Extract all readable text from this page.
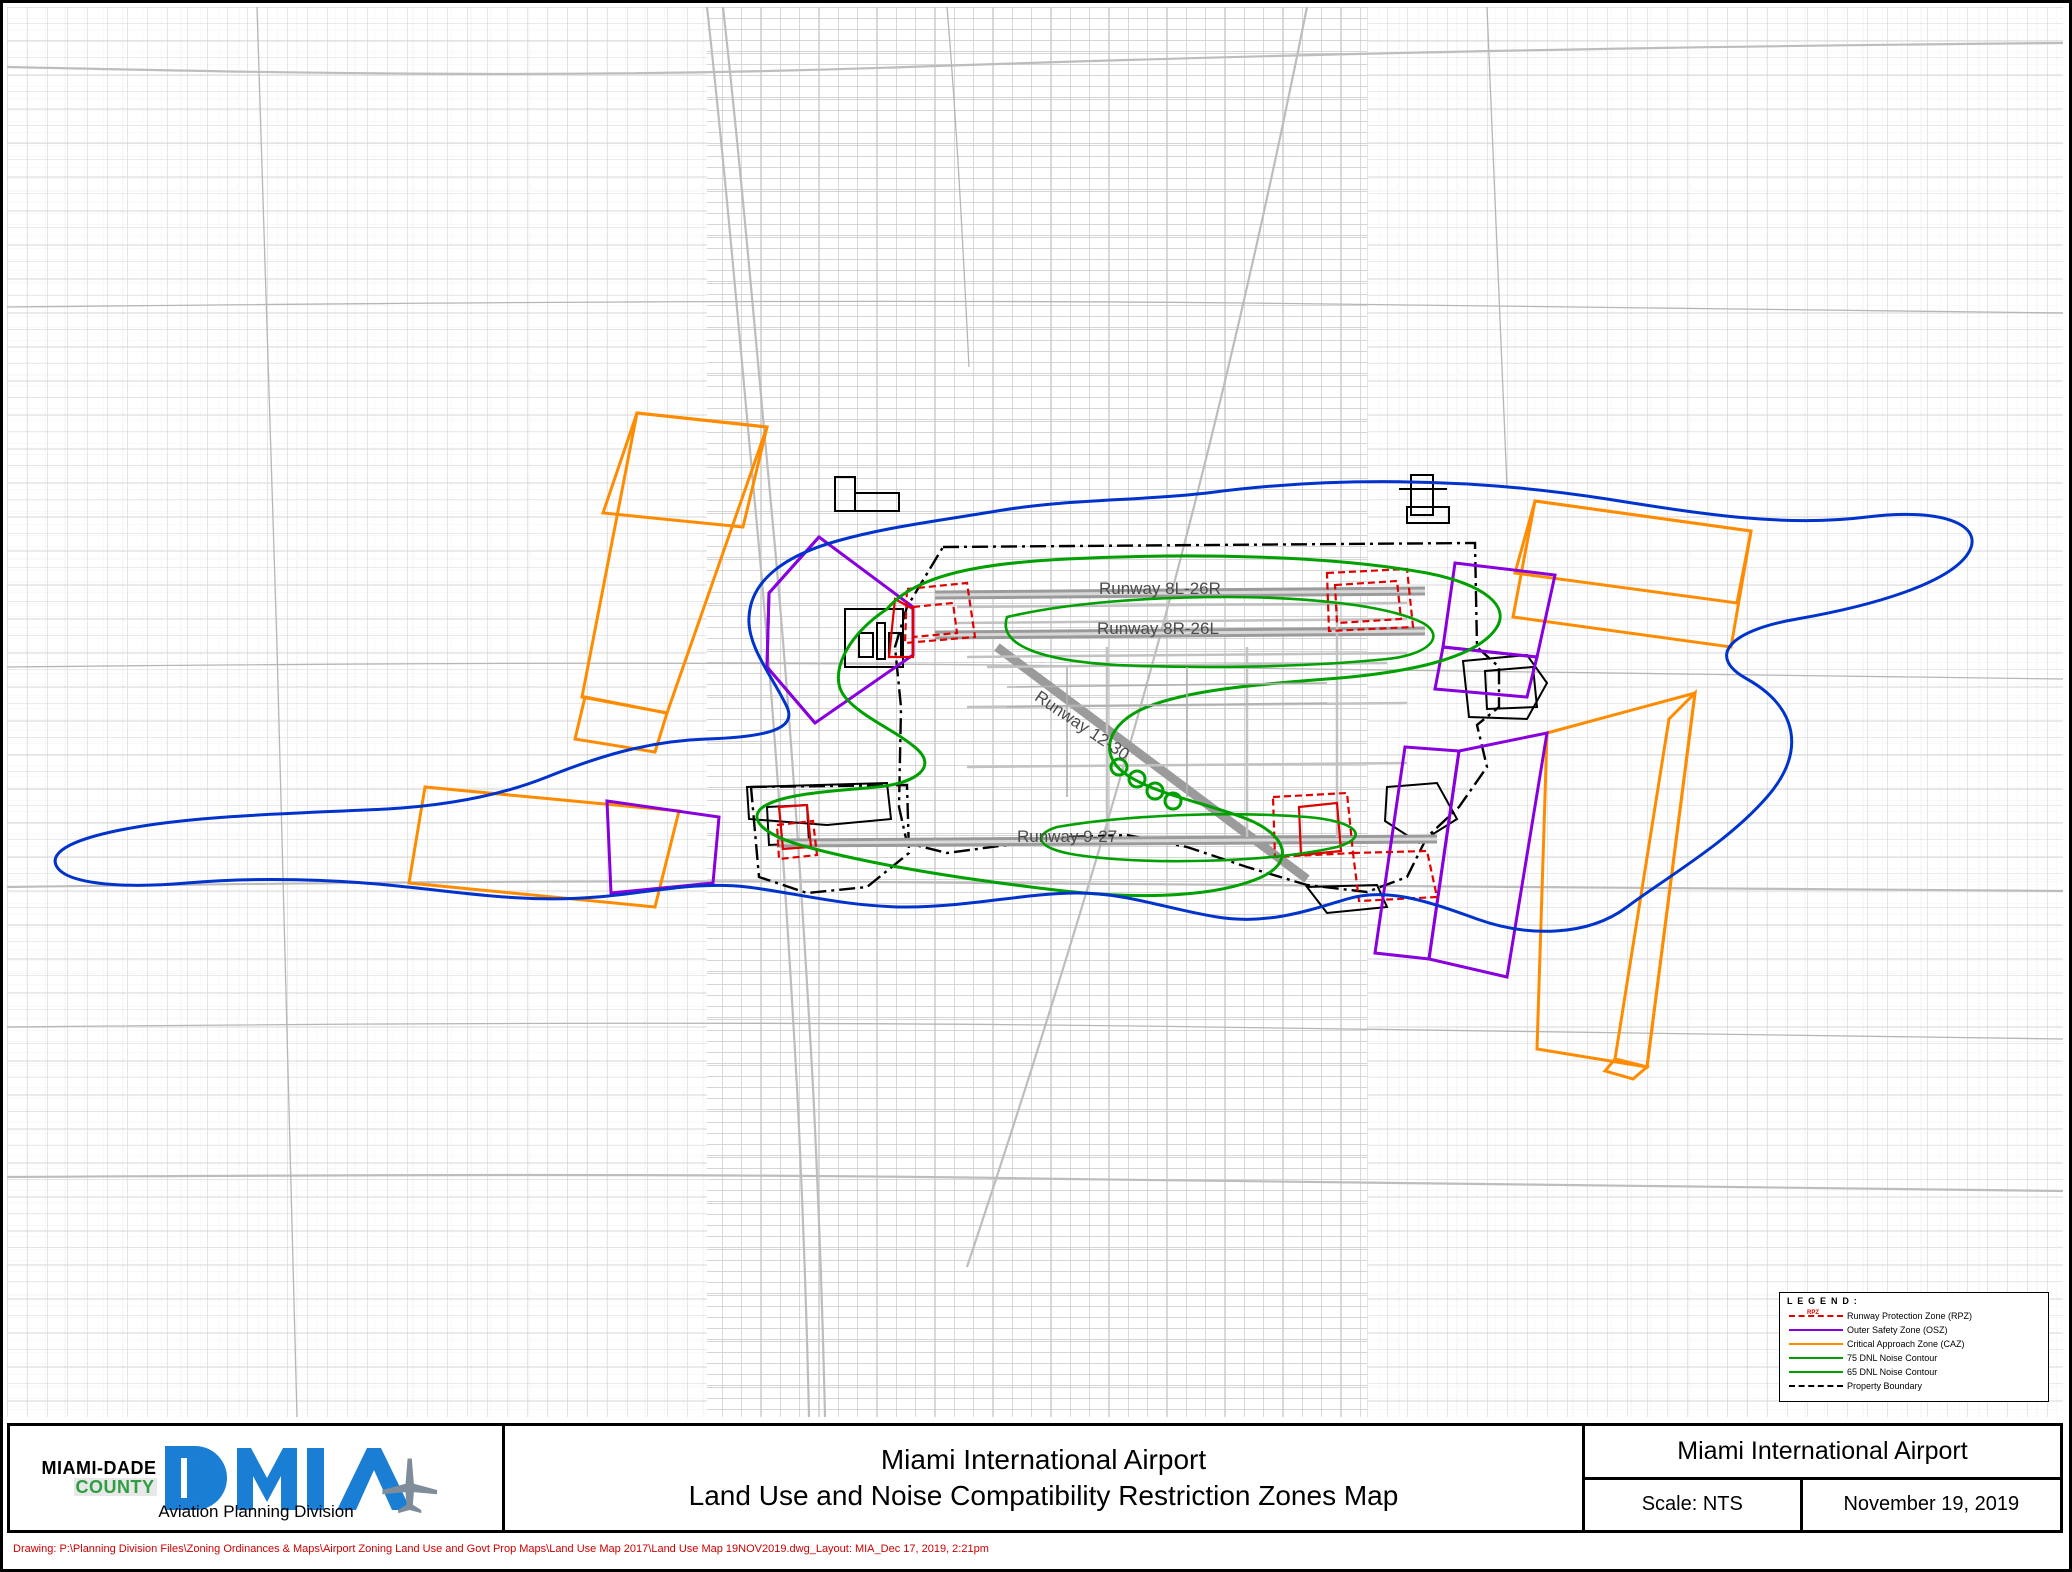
Runway 8L-26R
Runway 8R-26L
Runway 12-30
Runway 9-27
L E G E N D :
RPZ	Runway Protection Zone (RPZ)
Outer Safety Zone (OSZ)
Critical Approach Zone (CAZ)
75 DNL Noise Contour
65 DNL Noise Contour
Property Boundary
MIAMI-DADE
COUNTY
Aviation Planning Division
Miami International Airport
Land Use and Noise Compatibility Restriction Zones Map
Miami International Airport
Scale: NTS	November 19, 2019
Drawing: P:\Planning Division Files\Zoning Ordinances & Maps\Airport Zoning Land Use and Govt Prop Maps\Land Use Map 2017\Land Use Map 19NOV2019.dwg_Layout: MIA_Dec 17, 2019, 2:21pm
